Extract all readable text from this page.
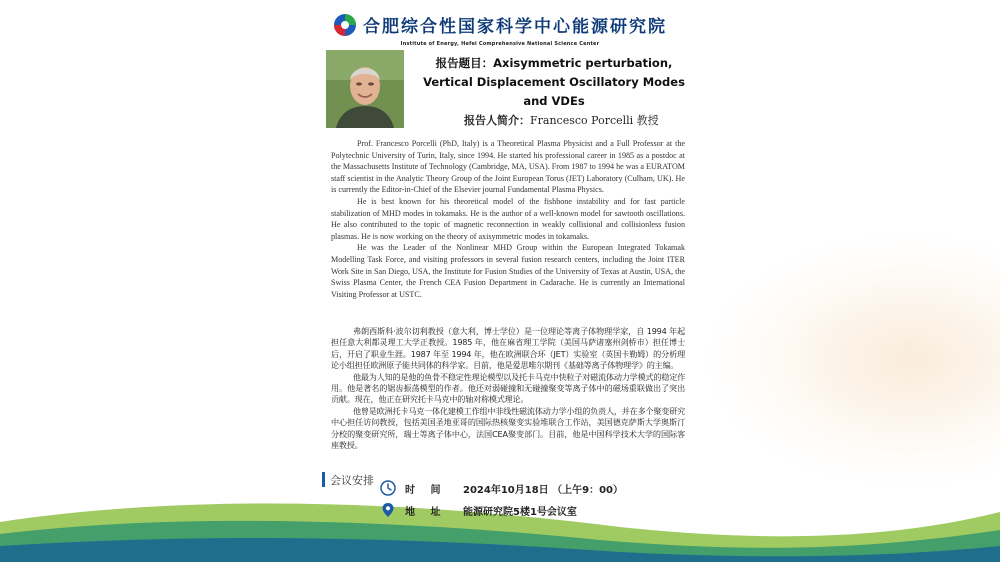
合肥综合性国家科学中心能源研究院
Institute of Energy, Hefei Comprehensive National Science Center
报告题目：Axisymmetric perturbation, Vertical Displacement Oscillatory Modes and VDEs
报告人简介：Francesco Porcelli 教授

Prof. Francesco Porcelli (PhD, Italy) is a Theoretical Plasma Physicist and a Full Professor at the Polytechnic University of Turin, Italy, since 1994. He started his professional career in 1985 as a postdoc at the Massachusetts Institute of Technology (Cambridge, MA, USA). From 1987 to 1994 he was a EURATOM staff scientist in the Analytic Theory Group of the Joint European Torus (JET) Laboratory (Culham, UK). He is currently the Editor-in-Chief of the Elsevier journal Fundamental Plasma Physics.

He is best known for his theoretical model of the fishbone instability and for fast particle stabilization of MHD modes in tokamaks. He is the author of a well-known model for sawtooth oscillations. He also contributed to the topic of magnetic reconnection in weakly collisional and collisionless fusion plasmas. He is now working on the theory of axisymmetric modes in tokamaks.

He was the Leader of the Nonlinear MHD Group within the European Integrated Tokamak Modelling Task Force, and visiting professors in several fusion research centers, including the Joint ITER Work Site in San Diego, USA, the Institute for Fusion Studies of the University of Texas at Austin, USA, the Swiss Plasma Center, the French CEA Fusion Department in Cadarache. He is currently an International Visiting Professor at USTC.

弗朗西斯科·波尔切利教授（意大利，博士学位）是一位理论等离子体物理学家，自 1994 年起担任意大利都灵理工大学正教授。1985 年，他在麻省理工学院（美国马萨诸塞州剑桥市）担任博士后，开启了职业生涯。1987 年至 1994 年，他在欧洲联合环（JET）实验室（英国卡勒姆）的分析理论小组担任欧洲原子能共同体的科学家。目前，他是爱思唯尔期刊《基础等离子体物理学》的主编。

他最为人知的是他的鱼骨不稳定性理论模型以及托卡马克中快粒子对磁流体动力学模式的稳定作用。他是著名的锯齿振荡模型的作者。他还对弱碰撞和无碰撞聚变等离子体中的磁场重联做出了突出贡献。现在，他正在研究托卡马克中的轴对称模式理论。

他曾是欧洲托卡马克一体化建模工作组中非线性磁流体动力学小组的负责人，并在多个聚变研究中心担任访问教授，包括美国圣地亚哥的国际热核聚变实验堆联合工作站，美国德克萨斯大学奥斯汀分校的聚变研究所，瑞士等离子体中心，法国CEA聚变部门。目前，他是中国科学技术大学的国际客座教授。

会议安排
时 间	2024年10月18日 （上午9：00）
地 址	能源研究院5楼1号会议室
